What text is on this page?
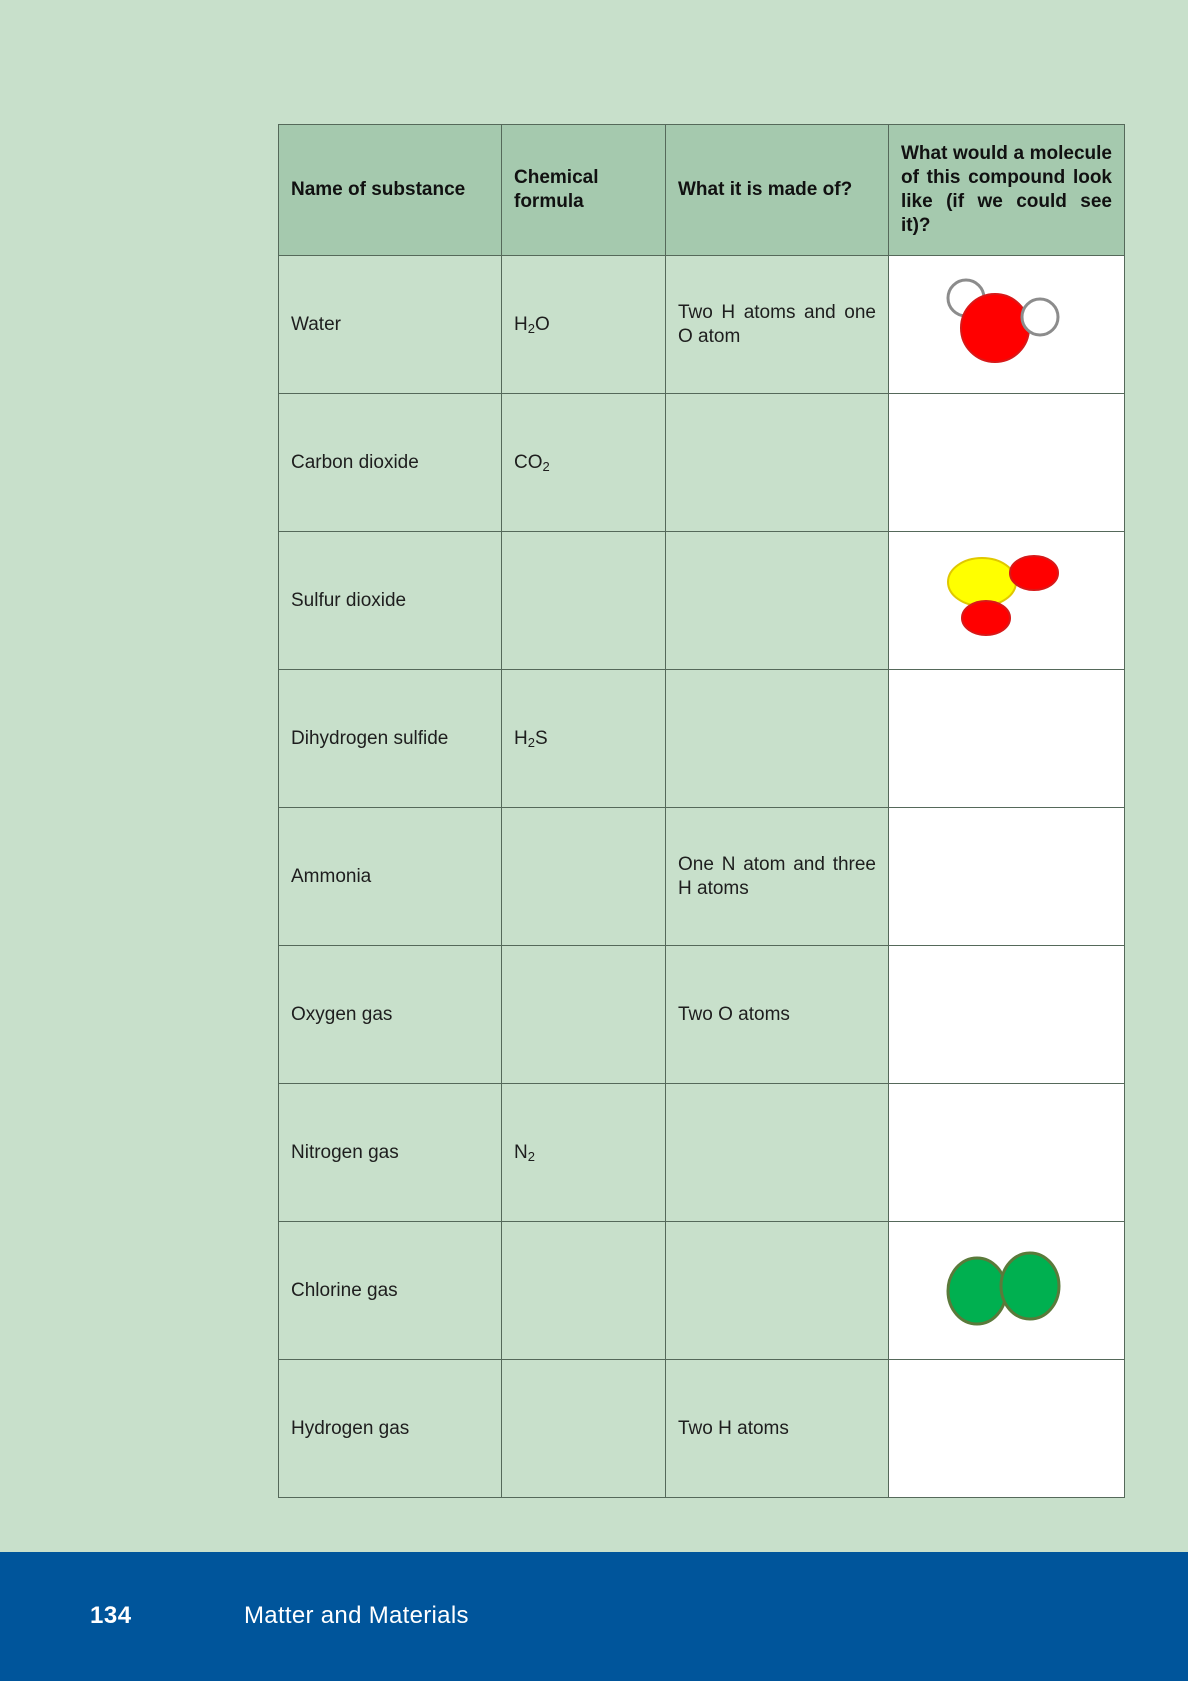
Name of substance	Chemical formula	What it is made of?	What would a molecule of this compound look like (if we could see it)?
Water	$H_2O$	Two H atoms and one O atom	

Carbon dioxide	$CO_2$		
Sulfur dioxide			

Dihydrogen sulfide	$H_2S$		
Ammonia		One N atom and three H atoms	
Oxygen gas		Two O atoms	
Nitrogen gas	$N_2$		
Chlorine gas			

Hydrogen gas		Two H atoms	
134	Matter and Materials
